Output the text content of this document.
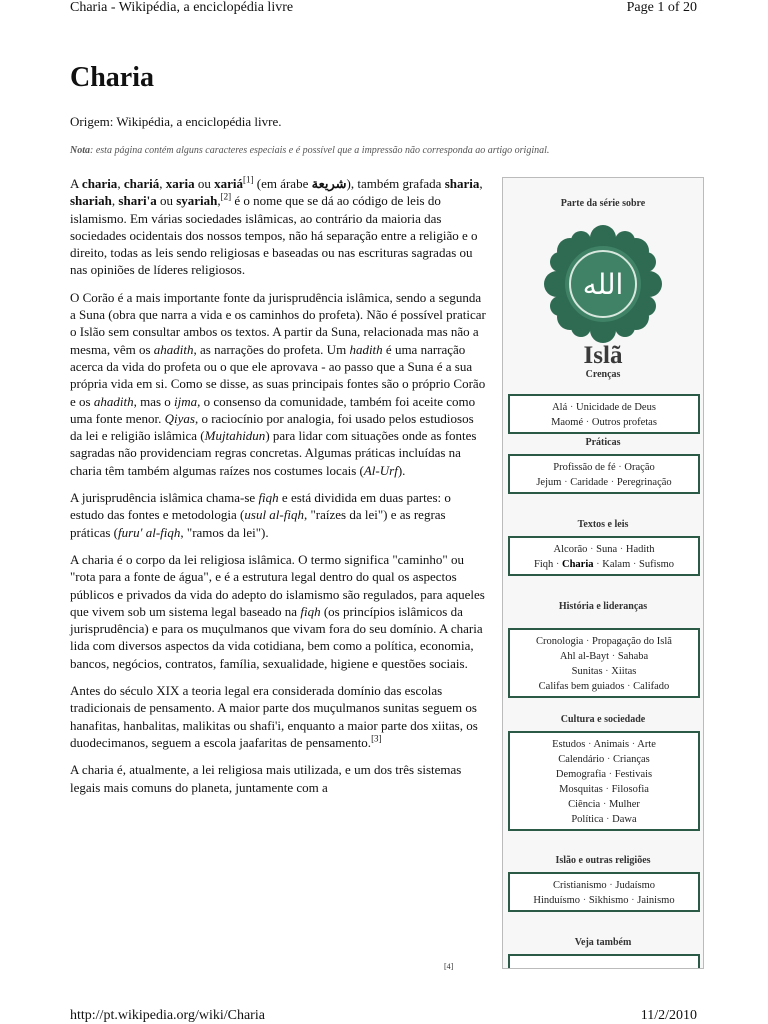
Charia - Wikipédia, a enciclopédia livre	Page 1 of 20
Charia
Origem: Wikipédia, a enciclopédia livre.
Nota: esta página contém alguns caracteres especiais e é possível que a impressão não corresponda ao artigo original.

A charia, chariá, xaria ou xariá[1] (em árabe شريعة), também grafada sharia, shariah, shari'a ou syariah,[2] é o nome que se dá ao código de leis do islamismo. Em várias sociedades islâmicas, ao contrário da maioria das sociedades ocidentais dos nossos tempos, não há separação entre a religião e o direito, todas as leis sendo religiosas e baseadas ou nas escrituras sagradas ou nas opiniões de líderes religiosos.

O Corão é a mais importante fonte da jurisprudência islâmica, sendo a segunda a Suna (obra que narra a vida e os caminhos do profeta). Não é possível praticar o Islão sem consultar ambos os textos. A partir da Suna, relacionada mas não a mesma, vêm os ahadith, as narrações do profeta. Um hadith é uma narração acerca da vida do profeta ou o que ele aprovava - ao passo que a Suna é a sua própria vida em si. Como se disse, as suas principais fontes são o próprio Corão e os ahadith, mas o ijma, o consenso da comunidade, também foi aceite como uma fonte menor. Qiyas, o raciocínio por analogia, foi usado pelos estudiosos da lei e religião islâmica (Mujtahidun) para lidar com situações onde as fontes sagradas não providenciam regras concretas. Algumas práticas incluídas na charia têm também algumas raízes nos costumes locais (Al-Urf).

A jurisprudência islâmica chama-se fiqh e está dividida em duas partes: o estudo das fontes e metodologia (usul al-fiqh, "raízes da lei") e as regras práticas (furu' al-fiqh, "ramos da lei").

A charia é o corpo da lei religiosa islâmica. O termo significa "caminho" ou "rota para a fonte de água", e é a estrutura legal dentro do qual os aspectos públicos e privados da vida do adepto do islamismo são regulados, para aqueles que vivem sob um sistema legal baseado na fiqh (os princípios islâmicos da jurisprudência) e para os muçulmanos que vivam fora do seu domínio. A charia lida com diversos aspectos da vida cotidiana, bem como a política, economia, bancos, negócios, contratos, família, sexualidade, higiene e questões sociais.

Antes do século XIX a teoria legal era considerada domínio das escolas tradicionais de pensamento. A maior parte dos muçulmanos sunitas seguem os hanafitas, hanbalitas, malikitas ou shafi'i, enquanto a maior parte dos xiitas, os duodecimanos, seguem a escola jaafaritas de pensamento.[3]

A charia é, atualmente, a lei religiosa mais utilizada, e um dos três sistemas legais mais comuns do planeta, juntamente com a

[4]
Parte da série sobre
الله
Islã
Crenças
Alá · Unicidade de Deus
Maomé · Outros profetas
Práticas
Profissão de fé · Oração
Jejum · Caridade · Peregrinação
Textos e leis
Alcorão · Suna · Hadith
Fiqh · Charia · Kalam · Sufismo
História e lideranças
Cronologia · Propagação do Islã
Ahl al-Bayt · Sahaba
Sunitas · Xiitas
Califas bem guiados · Califado
Cultura e sociedade
Estudos · Animais · Arte
Calendário · Crianças
Demografia · Festivais
Mosquitas · Filosofia
Ciência · Mulher
Política · Dawa
Islão e outras religiões
Cristianismo · Judaísmo
Hinduísmo · Sikhismo · Jainismo
Veja também
http://pt.wikipedia.org/wiki/Charia	11/2/2010
